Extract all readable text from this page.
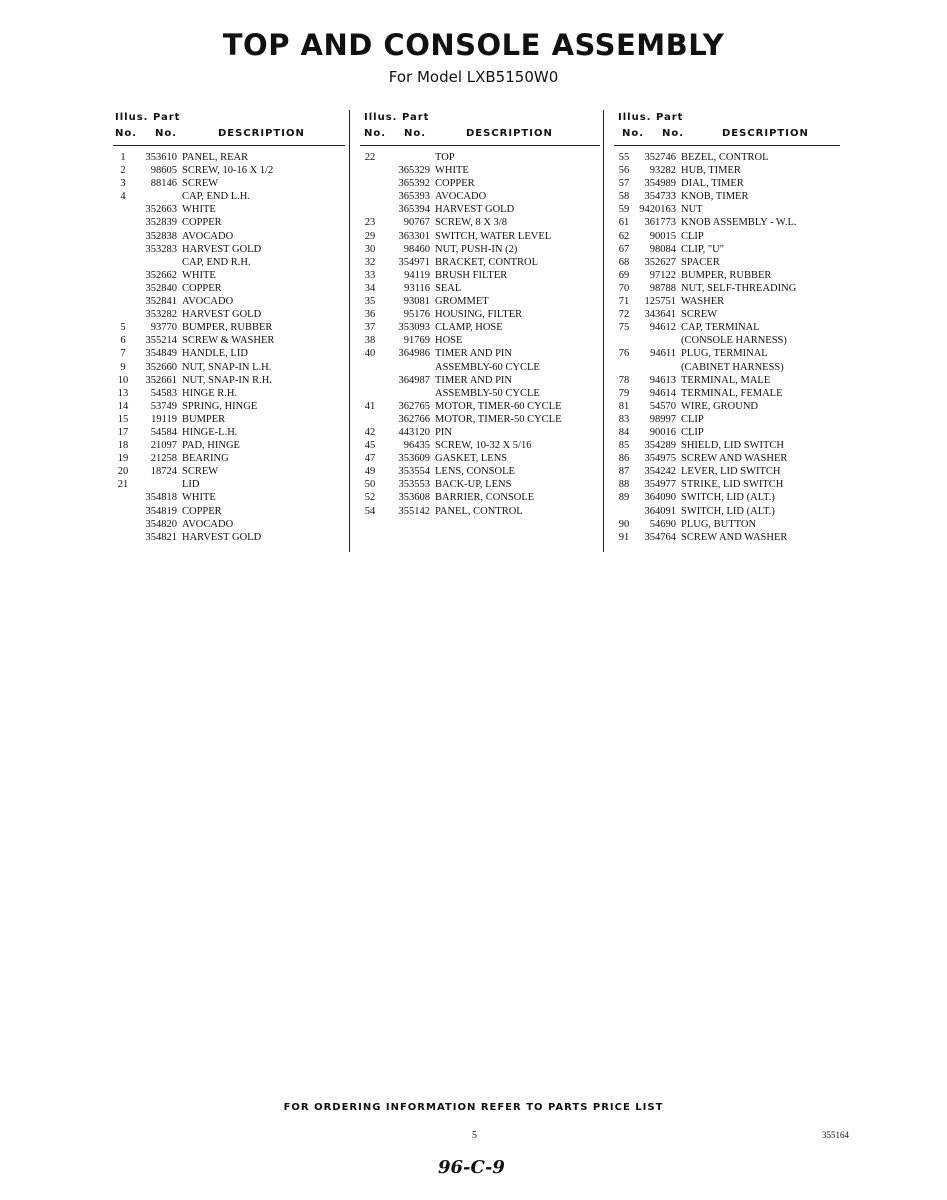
TOP AND CONSOLE ASSEMBLY
For Model LXB5150W0
Illus. Part
No. No.	DESCRIPTION
1	353610 PANEL, REAR
2	98605 SCREW, 10-16 X 1/2
3	88146 SCREW
4	CAP, END L.H.
352663 WHITE
352839 COPPER
352838 AVOCADO
353283 HARVEST GOLD
CAP, END R.H.
352662 WHITE
352840 COPPER
352841 AVOCADO
353282 HARVEST GOLD
5	93770 BUMPER, RUBBER
6	355214 SCREW & WASHER
7	354849 HANDLE, LID
9	352660 NUT, SNAP-IN L.H.
10	352661 NUT, SNAP-IN R.H.
13	54583 HINGE R.H.
14	53749 SPRING, HINGE
15	19119 BUMPER
17	54584 HINGE-L.H.
18	21097 PAD, HINGE
19	21258 BEARING
20	18724 SCREW
21	LID
354818 WHITE
354819 COPPER
354820 AVOCADO
354821 HARVEST GOLD
Illus. Part
No. No.	DESCRIPTION
22	TOP
365329 WHITE
365392 COPPER
365393 AVOCADO
365394 HARVEST GOLD
23	90767 SCREW, 8 X 3/8
29	363301 SWITCH, WATER LEVEL
30	98460 NUT, PUSH-IN (2)
32	354971 BRACKET, CONTROL
33	94119 BRUSH FILTER
34	93116 SEAL
35	93081 GROMMET
36	95176 HOUSING, FILTER
37	353093 CLAMP, HOSE
38	91769 HOSE
40	364986 TIMER AND PIN
ASSEMBLY-60 CYCLE
364987 TIMER AND PIN
ASSEMBLY-50 CYCLE
41	362765 MOTOR, TIMER-60 CYCLE
362766 MOTOR, TIMER-50 CYCLE
42	443120 PIN
45	96435 SCREW, 10-32 X 5/16
47	353609 GASKET, LENS
49	353554 LENS, CONSOLE
50	353553 BACK-UP, LENS
52	353608 BARRIER, CONSOLE
54	355142 PANEL, CONTROL
Illus. Part
No. No.	DESCRIPTION
55	352746 BEZEL, CONTROL
56	93282 HUB, TIMER
57	354989 DIAL, TIMER
58	354733 KNOB, TIMER
59 9420163 NUT
61	361773 KNOB ASSEMBLY - W.L.
62	90015 CLIP
67	98084 CLIP, "U"
68	352627 SPACER
69	97122 BUMPER, RUBBER
70	98788 NUT, SELF-THREADING
71	125751 WASHER
72	343641 SCREW
75	94612 CAP, TERMINAL
(CONSOLE HARNESS)
76	94611 PLUG, TERMINAL
(CABINET HARNESS)
78	94613 TERMINAL, MALE
79	94614 TERMINAL, FEMALE
81	54570 WIRE, GROUND
83	98997 CLIP
84	90016 CLIP
85	354289 SHIELD, LID SWITCH
86	354975 SCREW AND WASHER
87	354242 LEVER, LID SWITCH
88	354977 STRIKE, LID SWITCH
89	364090 SWITCH, LID (ALT.)
364091 SWITCH, LID (ALT.)
90	54690 PLUG, BUTTON
91	354764 SCREW AND WASHER
FOR ORDERING INFORMATION REFER TO PARTS PRICE LIST
5	355164
96-C-9
